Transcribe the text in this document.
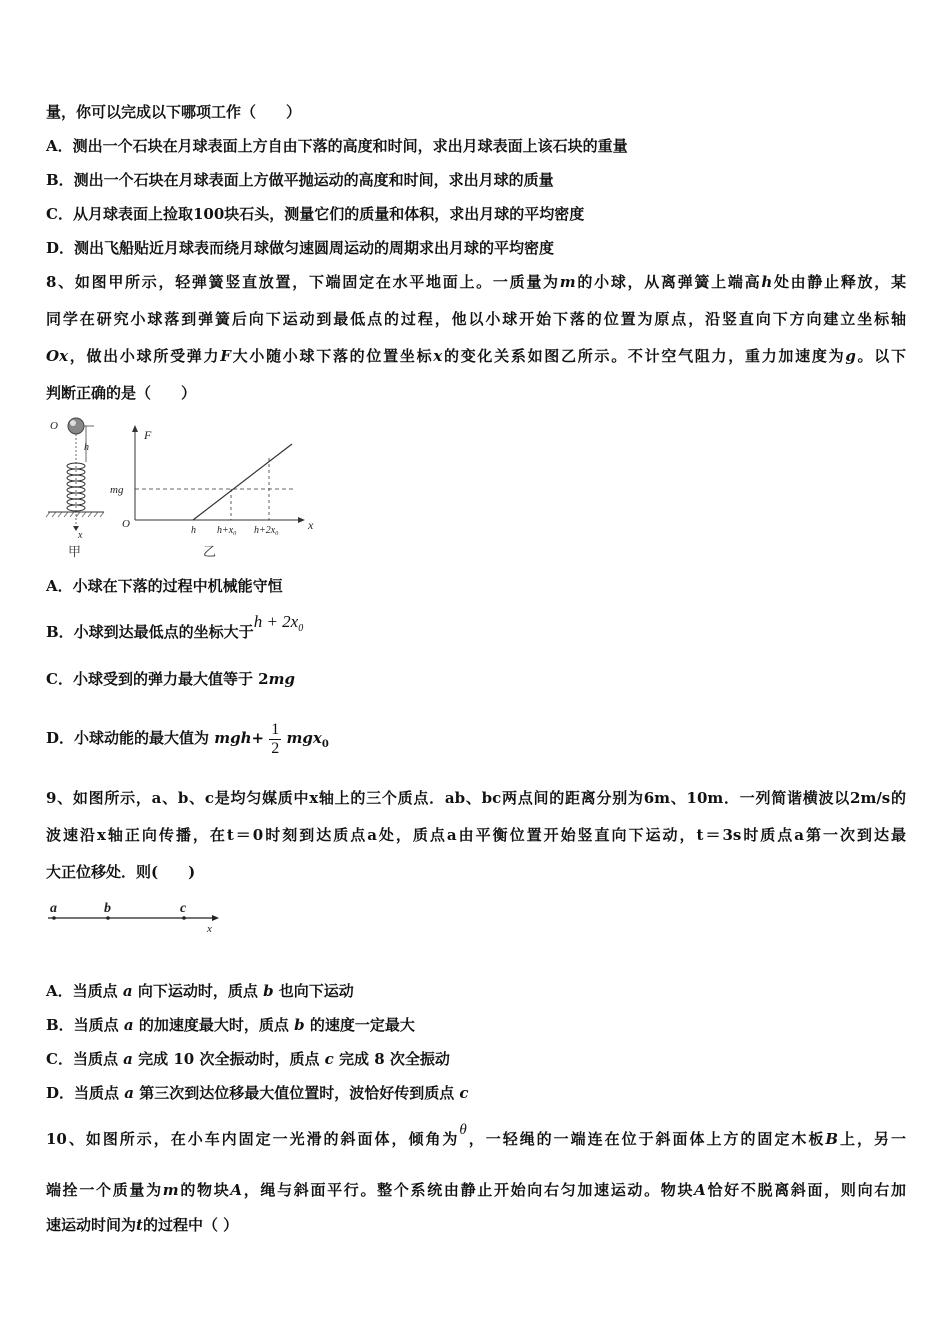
量，你可以完成以下哪项工作（　　）
A．测出一个石块在月球表面上方自由下落的高度和时间，求出月球表面上该石块的重量
B．测出一个石块在月球表面上方做平抛运动的高度和时间，求出月球的质量
C．从月球表面上捡取100块石头，测量它们的质量和体积，求出月球的平均密度
D．测出飞船贴近月球表而绕月球做匀速圆周运动的周期求出月球的平均密度
8、如图甲所示，轻弹簧竖直放置，下端固定在水平地面上。一质量为m的小球，从离弹簧上端高h处由静止释放，某
同学在研究小球落到弹簧后向下运动到最低点的过程，他以小球开始下落的位置为原点，沿竖直向下方向建立坐标轴
Ox，做出小球所受弹力F大小随小球下落的位置坐标x的变化关系如图乙所示。不计空气阻力，重力加速度为g。以下
判断正确的是（　　）
O
h
x
甲
F
x
O
mg
h h+x₀ h+2x₀
乙
A．小球在下落的过程中机械能守恒
B．小球到达最低点的坐标大于$h + 2x_0$
C．小球受到的弹力最大值等于 2mg
D．小球动能的最大值为 $mgh+ \frac{1}{2} mgx_0$
9、如图所示，a、b、c是均匀媒质中x轴上的三个质点．ab、bc两点间的距离分别为6m、10m．一列简谐横波以2m/s的
波速沿x轴正向传播，在t＝0时刻到达质点a处，质点a由平衡位置开始竖直向下运动，t＝3s时质点a第一次到达最
大正位移处．则(　　)
a	b	c
x
A．当质点 a 向下运动时，质点 b 也向下运动
B．当质点 a 的加速度最大时，质点 b 的速度一定最大
C．当质点 a 完成 10 次全振动时，质点 c 完成 8 次全振动
D．当质点 a 第三次到达位移最大值位置时，波恰好传到质点 c
10、如图所示，在小车内固定一光滑的斜面体，倾角为θ，一轻绳的一端连在位于斜面体上方的固定木板B上，另一
端拴一个质量为m的物块A，绳与斜面平行。整个系统由静止开始向右匀加速运动。物块A恰好不脱离斜面，则向右加
速运动时间为t的过程中（ ）
